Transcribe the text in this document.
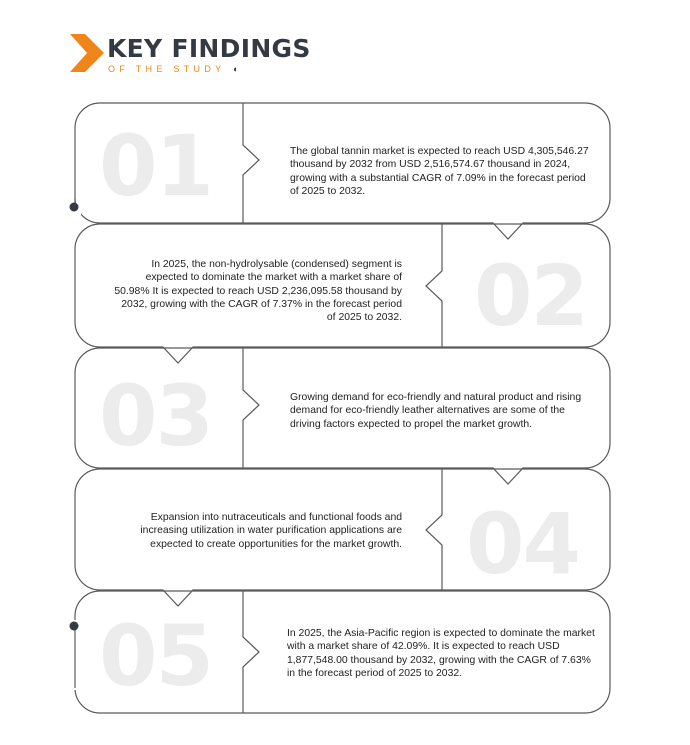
KEY FINDINGS
OF THE STUDY ◖
01	The global tannin market is expected to reach USD 4,305,546.27 thousand by 2032 from USD 2,516,574.67 thousand in 2024, growing with a substantial CAGR of 7.09% in the forecast period of 2025 to 2032.
02
In 2025, the non-hydrolysable (condensed) segment is expected to dominate the market with a market share of 50.98% It is expected to reach USD 2,236,095.58 thousand by 2032, growing with the CAGR of 7.37% in the forecast period of 2025 to 2032.
03	Growing demand for eco-friendly and natural product and rising demand for eco-friendly leather alternatives are some of the driving factors expected to propel the market growth.
04
Expansion into nutraceuticals and functional foods and increasing utilization in water purification applications are expected to create opportunities for the market growth.
05	In 2025, the Asia-Pacific region is expected to dominate the market with a market share of 42.09%. It is expected to reach USD 1,877,548.00 thousand by 2032, growing with the CAGR of 7.63% in the forecast period of 2025 to 2032.
